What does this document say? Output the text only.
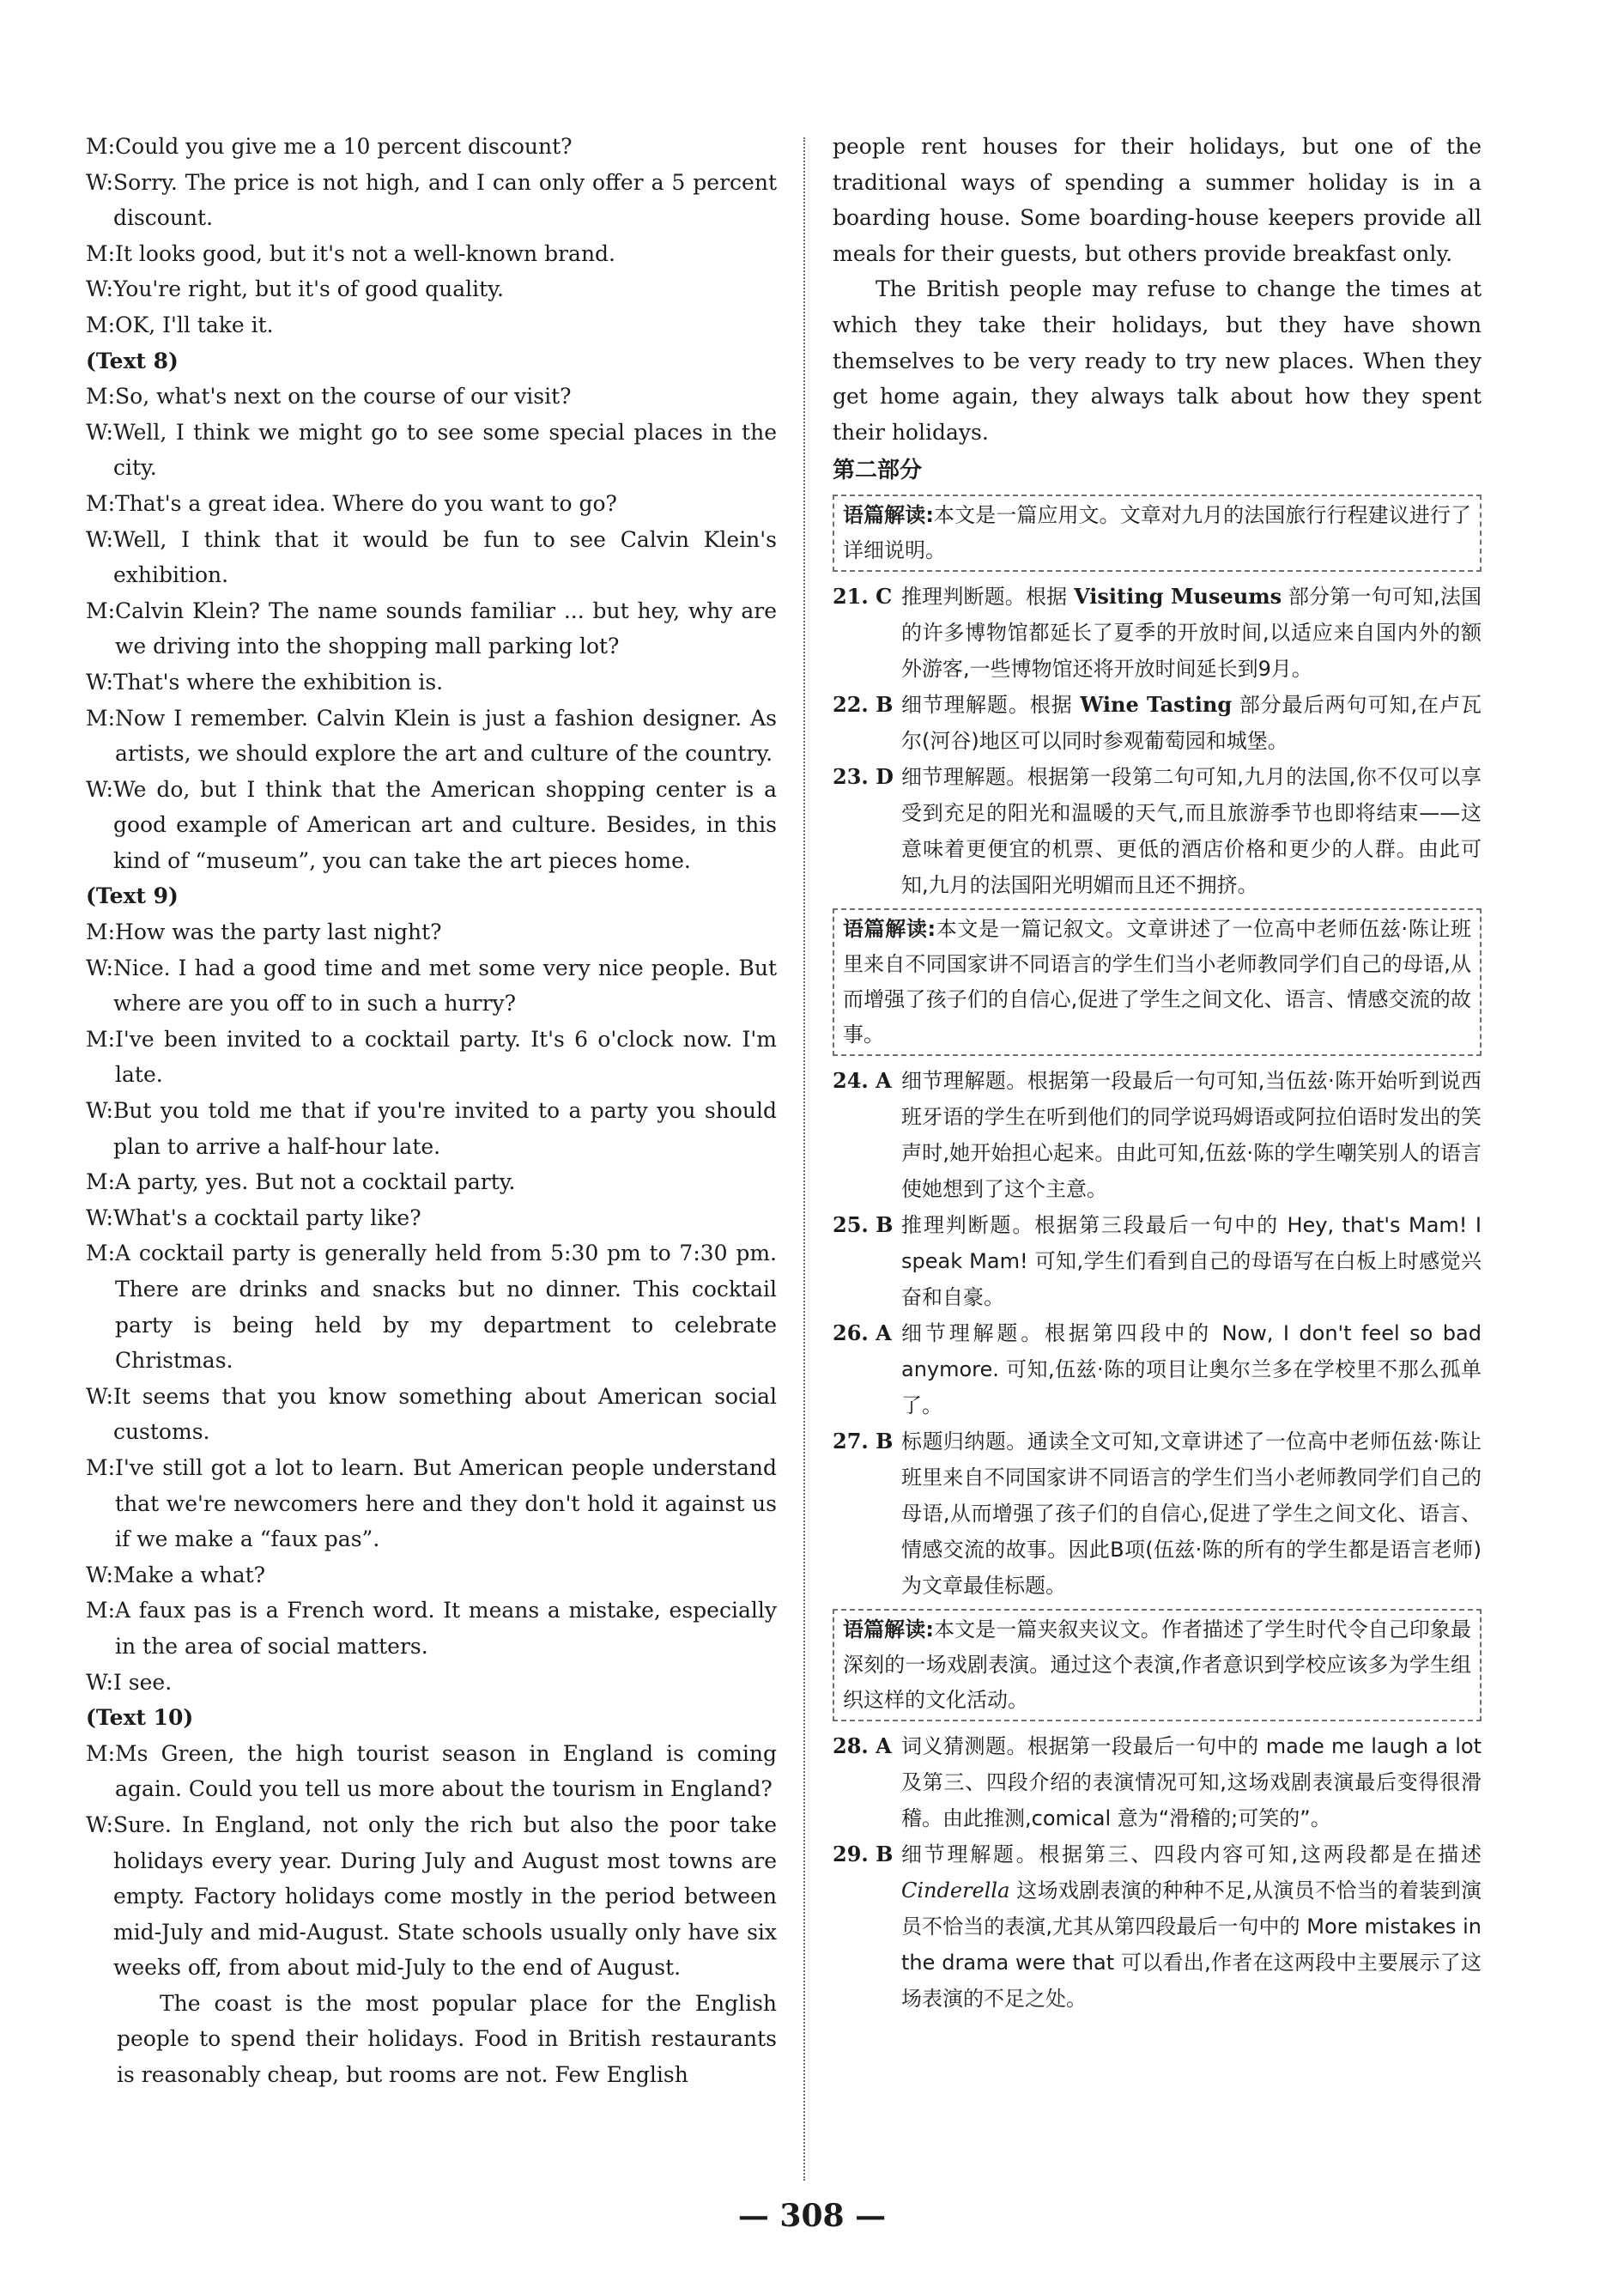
M: Could you give me a 10 percent discount?
W: Sorry. The price is not high, and I can only offer a 5 percent discount.
M: It looks good, but it's not a well-known brand.
W: You're right, but it's of good quality.
M: OK, I'll take it.
(Text 8)
M: So, what's next on the course of our visit?
W: Well, I think we might go to see some special places in the city.
M: That's a great idea. Where do you want to go?
W: Well, I think that it would be fun to see Calvin Klein's exhibition.
M: Calvin Klein? The name sounds familiar ... but hey, why are we driving into the shopping mall parking lot?
W: That's where the exhibition is.
M: Now I remember. Calvin Klein is just a fashion designer. As artists, we should explore the art and culture of the country.
W: We do, but I think that the American shopping center is a good example of American art and culture. Besides, in this kind of “museum”, you can take the art pieces home.
(Text 9)
M: How was the party last night?
W: Nice. I had a good time and met some very nice people. But where are you off to in such a hurry?
M: I've been invited to a cocktail party. It's 6 o'clock now. I'm late.
W: But you told me that if you're invited to a party you should plan to arrive a half-hour late.
M: A party, yes. But not a cocktail party.
W: What's a cocktail party like?
M: A cocktail party is generally held from 5:30 pm to 7:30 pm. There are drinks and snacks but no dinner. This cocktail party is being held by my department to celebrate Christmas.
W: It seems that you know something about American social customs.
M: I've still got a lot to learn. But American people understand that we're newcomers here and they don't hold it against us if we make a “faux pas”.
W: Make a what?
M: A faux pas is a French word. It means a mistake, especially in the area of social matters.
W: I see.
(Text 10)
M: Ms Green, the high tourist season in England is coming again. Could you tell us more about the tourism in England?
W: Sure. In England, not only the rich but also the poor take holidays every year. During July and August most towns are empty. Factory holidays come mostly in the period between mid-July and mid-August. State schools usually only have six weeks off, from about mid-July to the end of August.
The coast is the most popular place for the English people to spend their holidays. Food in British restaurants is reasonably cheap, but rooms are not. Few English
people rent houses for their holidays, but one of the traditional ways of spending a summer holiday is in a boarding house. Some boarding-house keepers provide all meals for their guests, but others provide breakfast only.
The British people may refuse to change the times at which they take their holidays, but they have shown themselves to be very ready to try new places. When they get home again, they always talk about how they spent their holidays.
第二部分
语篇解读:本文是一篇应用文。文章对九月的法国旅行行程建议进行了详细说明。
21. C 推理判断题。根据 Visiting Museums 部分第一句可知,法国的许多博物馆都延长了夏季的开放时间,以适应来自国内外的额外游客,一些博物馆还将开放时间延长到9月。
22. B 细节理解题。根据 Wine Tasting 部分最后两句可知,在卢瓦尔(河谷)地区可以同时参观葡萄园和城堡。
23. D 细节理解题。根据第一段第二句可知,九月的法国,你不仅可以享受到充足的阳光和温暖的天气,而且旅游季节也即将结束——这意味着更便宜的机票、更低的酒店价格和更少的人群。由此可知,九月的法国阳光明媚而且还不拥挤。
语篇解读:本文是一篇记叙文。文章讲述了一位高中老师伍兹·陈让班里来自不同国家讲不同语言的学生们当小老师教同学们自己的母语,从而增强了孩子们的自信心,促进了学生之间文化、语言、情感交流的故事。
24. A 细节理解题。根据第一段最后一句可知,当伍兹·陈开始听到说西班牙语的学生在听到他们的同学说玛姆语或阿拉伯语时发出的笑声时,她开始担心起来。由此可知,伍兹·陈的学生嘲笑别人的语言使她想到了这个主意。
25. B 推理判断题。根据第三段最后一句中的 Hey, that's Mam! I speak Mam! 可知,学生们看到自己的母语写在白板上时感觉兴奋和自豪。
26. A 细节理解题。根据第四段中的 Now, I don't feel so bad anymore. 可知,伍兹·陈的项目让奥尔兰多在学校里不那么孤单了。
27. B 标题归纳题。通读全文可知,文章讲述了一位高中老师伍兹·陈让班里来自不同国家讲不同语言的学生们当小老师教同学们自己的母语,从而增强了孩子们的自信心,促进了学生之间文化、语言、情感交流的故事。因此B项(伍兹·陈的所有的学生都是语言老师)为文章最佳标题。
语篇解读:本文是一篇夹叙夹议文。作者描述了学生时代令自己印象最深刻的一场戏剧表演。通过这个表演,作者意识到学校应该多为学生组织这样的文化活动。
28. A 词义猜测题。根据第一段最后一句中的 made me laugh a lot 及第三、四段介绍的表演情况可知,这场戏剧表演最后变得很滑稽。由此推测,comical 意为“滑稽的;可笑的”。
29. B 细节理解题。根据第三、四段内容可知,这两段都是在描述 Cinderella 这场戏剧表演的种种不足,从演员不恰当的着装到演员不恰当的表演,尤其从第四段最后一句中的 More mistakes in the drama were that 可以看出,作者在这两段中主要展示了这场表演的不足之处。
— 308 —
